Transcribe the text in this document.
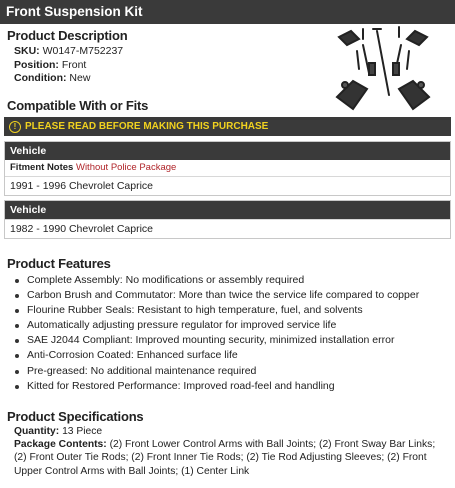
Front Suspension Kit
Product Description
SKU: W0147-M752237
Position: Front
Condition: New
Compatible With or Fits
! PLEASE READ BEFORE MAKING THIS PURCHASE
Vehicle
Fitment Notes Without Police Package
1991 - 1996 Chevrolet Caprice
Vehicle
1982 - 1990 Chevrolet Caprice
Product Features
Complete Assembly: No modifications or assembly required
Carbon Brush and Commutator: More than twice the service life compared to copper
Flourine Rubber Seals: Resistant to high temperature, fuel, and solvents
Automatically adjusting pressure regulator for improved service life
SAE J2044 Compliant: Improved mounting security, minimized installation error
Anti-Corrosion Coated: Enhanced surface life
Pre-greased: No additional maintenance required
Kitted for Restored Performance: Improved road-feel and handling
Product Specifications
Quantity: 13 Piece
Package Contents: (2) Front Lower Control Arms with Ball Joints; (2) Front Sway Bar Links; (2) Front Outer Tie Rods; (2) Front Inner Tie Rods; (2) Tie Rod Adjusting Sleeves; (2) Front Upper Control Arms with Ball Joints; (1) Center Link
